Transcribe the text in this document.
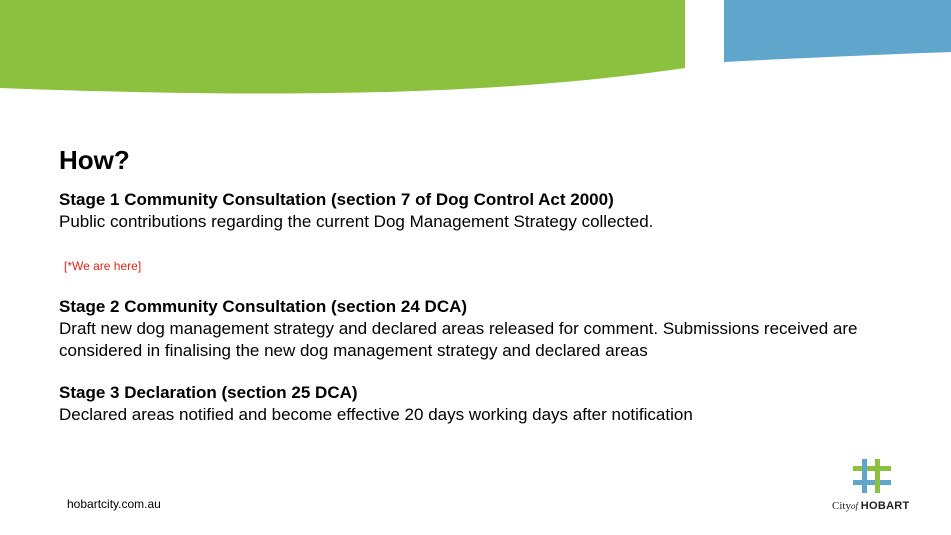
How?
Stage 1 Community Consultation (section 7 of Dog Control Act 2000)
Public contributions regarding the current Dog Management Strategy collected.
[*We are here]
Stage 2 Community Consultation (section 24 DCA)
Draft new dog management strategy and declared areas released for comment. Submissions received are considered in finalising the new dog management strategy and declared areas
Stage 3 Declaration (section 25 DCA)
Declared areas notified and become effective 20 days working days after notification
hobartcity.com.au	Cityof HOBART
